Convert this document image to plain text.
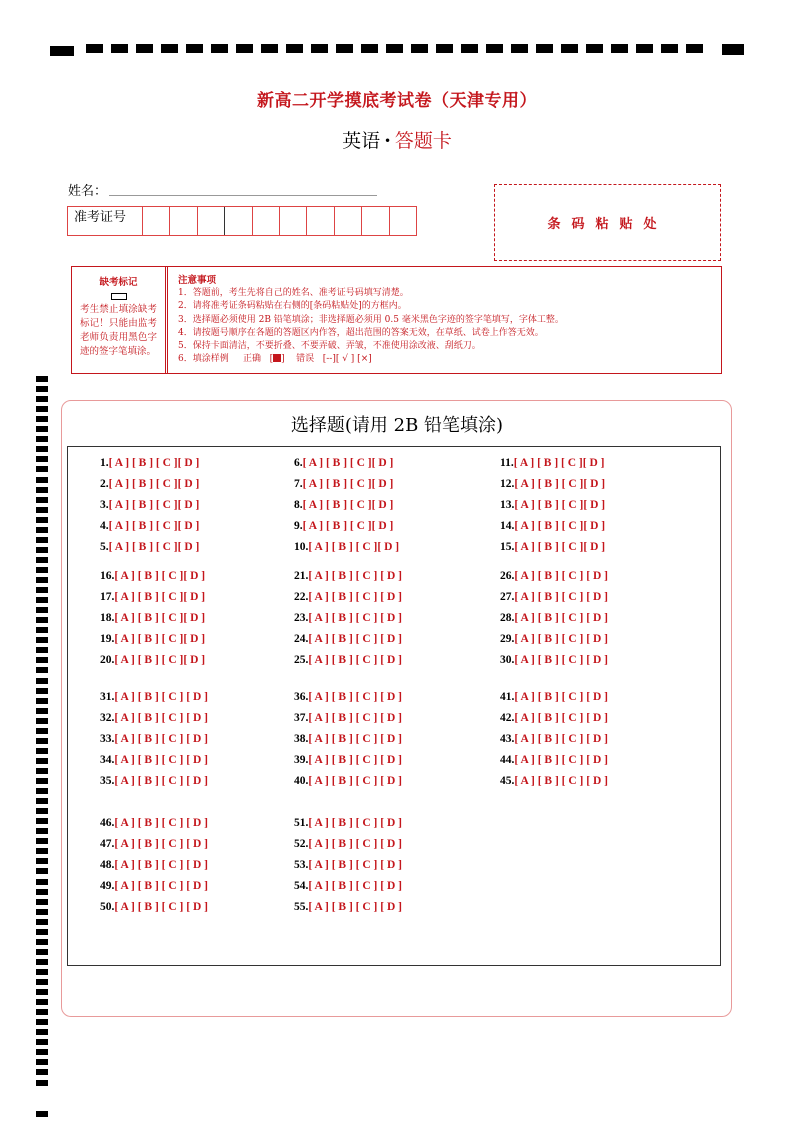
新高二开学摸底考试卷（天津专用）
英语 · 答题卡
姓名：
准考证号	条码粘贴处
缺考标记
考生禁止填涂缺考标记！只能由监考老师负责用黑色字迹的签字笔填涂。
注意事项
1．答题前，考生先将自己的姓名、准考证号码填写清楚。
2．请将准考证条码粘贴在右侧的[条码粘贴处]的方框内。
3．选择题必须使用 2B 铅笔填涂；非选择题必须用 0.5 毫米黑色字迹的签字笔填写，字体工整。
4．请按题号顺序在各题的答题区内作答，超出范围的答案无效，在草纸、试卷上作答无效。
5．保持卡面清洁，不要折叠、不要弄破、弄皱，不准使用涂改液、刮纸刀。
6．填涂样例 正确   [ ]    错误 [--][ √ ] [×]
选择题(请用 2B 铅笔填涂)
1.[ A ] [ B ] [ C ][ D ]
2.[ A ] [ B ] [ C ][ D ]
3.[ A ] [ B ] [ C ][ D ]
4.[ A ] [ B ] [ C ][ D ]
5.[ A ] [ B ] [ C ][ D ]
6.[ A ] [ B ] [ C ][ D ]
7.[ A ] [ B ] [ C ][ D ]
8.[ A ] [ B ] [ C ][ D ]
9.[ A ] [ B ] [ C ][ D ]
10.[ A ] [ B ] [ C ][ D ]
11.[ A ] [ B ] [ C ][ D ]
12.[ A ] [ B ] [ C ][ D ]
13.[ A ] [ B ] [ C ][ D ]
14.[ A ] [ B ] [ C ][ D ]
15.[ A ] [ B ] [ C ][ D ]
16.[ A ] [ B ] [ C ][ D ]
17.[ A ] [ B ] [ C ][ D ]
18.[ A ] [ B ] [ C ][ D ]
19.[ A ] [ B ] [ C ][ D ]
20.[ A ] [ B ] [ C ][ D ]
21.[ A ] [ B ] [ C ] [ D ]
22.[ A ] [ B ] [ C ] [ D ]
23.[ A ] [ B ] [ C ] [ D ]
24.[ A ] [ B ] [ C ] [ D ]
25.[ A ] [ B ] [ C ] [ D ]
26.[ A ] [ B ] [ C ] [ D ]
27.[ A ] [ B ] [ C ] [ D ]
28.[ A ] [ B ] [ C ] [ D ]
29.[ A ] [ B ] [ C ] [ D ]
30.[ A ] [ B ] [ C ] [ D ]
31.[ A ] [ B ] [ C ] [ D ]
32.[ A ] [ B ] [ C ] [ D ]
33.[ A ] [ B ] [ C ] [ D ]
34.[ A ] [ B ] [ C ] [ D ]
35.[ A ] [ B ] [ C ] [ D ]
36.[ A ] [ B ] [ C ] [ D ]
37.[ A ] [ B ] [ C ] [ D ]
38.[ A ] [ B ] [ C ] [ D ]
39.[ A ] [ B ] [ C ] [ D ]
40.[ A ] [ B ] [ C ] [ D ]
41.[ A ] [ B ] [ C ] [ D ]
42.[ A ] [ B ] [ C ] [ D ]
43.[ A ] [ B ] [ C ] [ D ]
44.[ A ] [ B ] [ C ] [ D ]
45.[ A ] [ B ] [ C ] [ D ]
46.[ A ] [ B ] [ C ] [ D ]
47.[ A ] [ B ] [ C ] [ D ]
48.[ A ] [ B ] [ C ] [ D ]
49.[ A ] [ B ] [ C ] [ D ]
50.[ A ] [ B ] [ C ] [ D ]
51.[ A ] [ B ] [ C ] [ D ]
52.[ A ] [ B ] [ C ] [ D ]
53.[ A ] [ B ] [ C ] [ D ]
54.[ A ] [ B ] [ C ] [ D ]
55.[ A ] [ B ] [ C ] [ D ]
